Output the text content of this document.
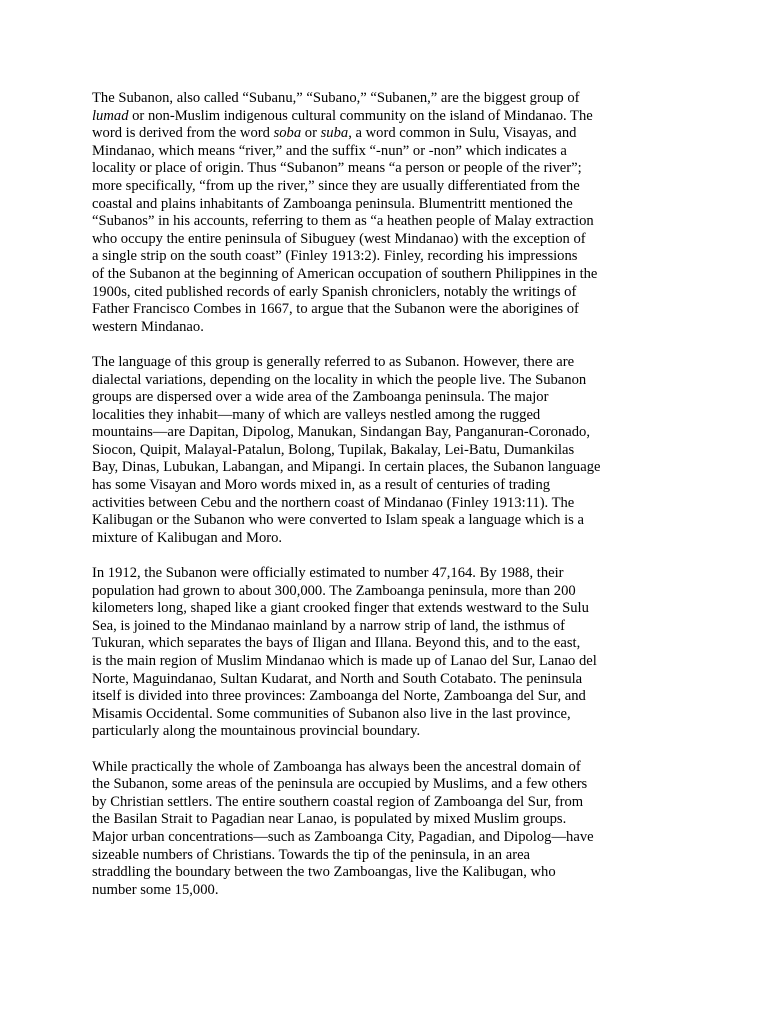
The Subanon, also called “Subanu,” “Subano,” “Subanen,” are the biggest group of
lumad or non-Muslim indigenous cultural community on the island of Mindanao. The
word is derived from the word soba or suba, a word common in Sulu, Visayas, and
Mindanao, which means “river,” and the suffix “-nun” or -non” which indicates a
locality or place of origin. Thus “Subanon” means “a person or people of the river”;
more specifically, “from up the river,” since they are usually differentiated from the
coastal and plains inhabitants of Zamboanga peninsula. Blumentritt mentioned the
“Subanos” in his accounts, referring to them as “a heathen people of Malay extraction
who occupy the entire peninsula of Sibuguey (west Mindanao) with the exception of
a single strip on the south coast” (Finley 1913:2). Finley, recording his impressions
of the Subanon at the beginning of American occupation of southern Philippines in the
1900s, cited published records of early Spanish chroniclers, notably the writings of
Father Francisco Combes in 1667, to argue that the Subanon were the aborigines of
western Mindanao.
The language of this group is generally referred to as Subanon. However, there are
dialectal variations, depending on the locality in which the people live. The Subanon
groups are dispersed over a wide area of the Zamboanga peninsula. The major
localities they inhabit—many of which are valleys nestled among the rugged
mountains—are Dapitan, Dipolog, Manukan, Sindangan Bay, Panganuran-Coronado,
Siocon, Quipit, Malayal-Patalun, Bolong, Tupilak, Bakalay, Lei-Batu, Dumankilas
Bay, Dinas, Lubukan, Labangan, and Mipangi. In certain places, the Subanon language
has some Visayan and Moro words mixed in, as a result of centuries of trading
activities between Cebu and the northern coast of Mindanao (Finley 1913:11). The
Kalibugan or the Subanon who were converted to Islam speak a language which is a
mixture of Kalibugan and Moro.
In 1912, the Subanon were officially estimated to number 47,164. By 1988, their
population had grown to about 300,000. The Zamboanga peninsula, more than 200
kilometers long, shaped like a giant crooked finger that extends westward to the Sulu
Sea, is joined to the Mindanao mainland by a narrow strip of land, the isthmus of
Tukuran, which separates the bays of Iligan and Illana. Beyond this, and to the east,
is the main region of Muslim Mindanao which is made up of Lanao del Sur, Lanao del
Norte, Maguindanao, Sultan Kudarat, and North and South Cotabato. The peninsula
itself is divided into three provinces: Zamboanga del Norte, Zamboanga del Sur, and
Misamis Occidental. Some communities of Subanon also live in the last province,
particularly along the mountainous provincial boundary.
While practically the whole of Zamboanga has always been the ancestral domain of
the Subanon, some areas of the peninsula are occupied by Muslims, and a few others
by Christian settlers. The entire southern coastal region of Zamboanga del Sur, from
the Basilan Strait to Pagadian near Lanao, is populated by mixed Muslim groups.
Major urban concentrations—such as Zamboanga City, Pagadian, and Dipolog—have
sizeable numbers of Christians. Towards the tip of the peninsula, in an area
straddling the boundary between the two Zamboangas, live the Kalibugan, who
number some 15,000.
